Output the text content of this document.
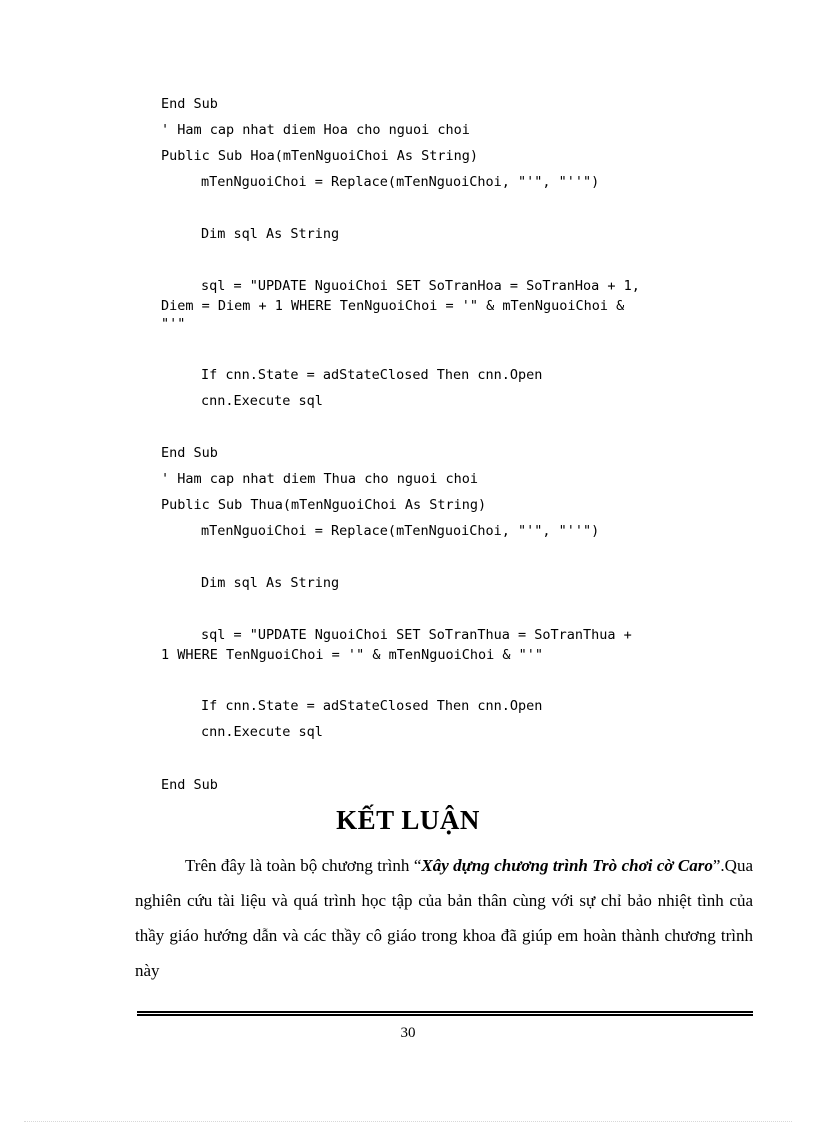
End Sub
' Ham cap nhat diem Hoa cho nguoi choi
Public Sub Hoa(mTenNguoiChoi As String)
mTenNguoiChoi = Replace(mTenNguoiChoi, "'", "''")
Dim sql As String
sql = "UPDATE NguoiChoi SET SoTranHoa = SoTranHoa + 1,
Diem = Diem + 1 WHERE TenNguoiChoi = '" & mTenNguoiChoi &
"'"
If cnn.State = adStateClosed Then cnn.Open
cnn.Execute sql
End Sub
' Ham cap nhat diem Thua cho nguoi choi
Public Sub Thua(mTenNguoiChoi As String)
mTenNguoiChoi = Replace(mTenNguoiChoi, "'", "''")
Dim sql As String
sql = "UPDATE NguoiChoi SET SoTranThua = SoTranThua +
1 WHERE TenNguoiChoi = '" & mTenNguoiChoi & "'"
If cnn.State = adStateClosed Then cnn.Open
cnn.Execute sql
End Sub
KẾT LUẬN
Trên đây là toàn bộ chương trình “Xây dựng chương trình Trò chơi cờ Caro”.Qua nghiên cứu tài liệu và quá trình học tập của bản thân cùng với sự chỉ bảo nhiệt tình của thầy giáo hướng dẫn và các thầy cô giáo trong khoa đã giúp em hoàn thành chương trình này
30
